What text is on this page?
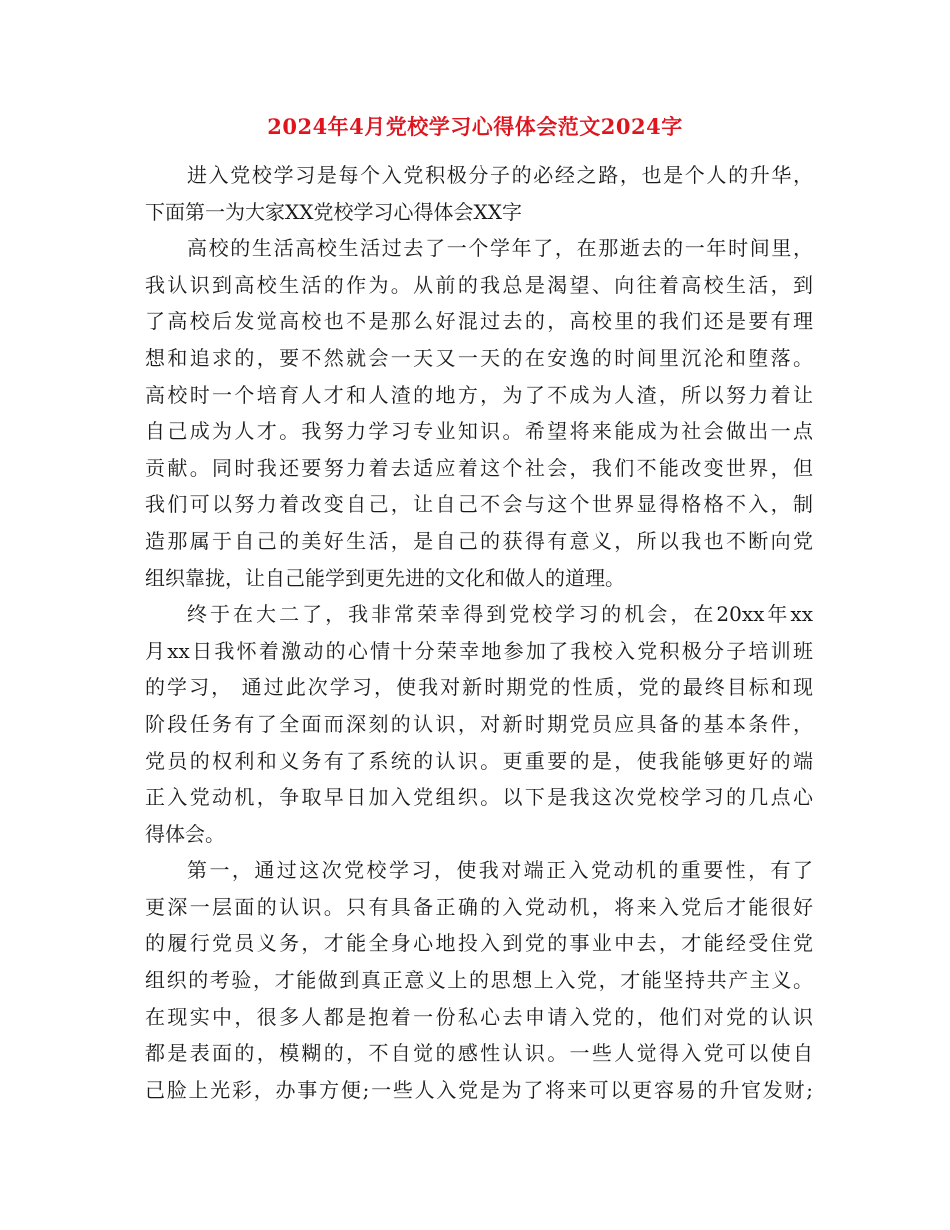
2024年4月党校学习心得体会范文2024字
进入党校学习是每个入党积极分子的必经之路，也是个人的升华，
下面第一为大家XX党校学习心得体会XX字
高校的生活高校生活过去了一个学年了，在那逝去的一年时间里，
我认识到高校生活的作为。从前的我总是渴望、向往着高校生活，到
了高校后发觉高校也不是那么好混过去的，高校里的我们还是要有理
想和追求的，要不然就会一天又一天的在安逸的时间里沉沦和堕落。
高校时一个培育人才和人渣的地方，为了不成为人渣，所以努力着让
自己成为人才。我努力学习专业知识。希望将来能成为社会做出一点
贡献。同时我还要努力着去适应着这个社会，我们不能改变世界，但
我们可以努力着改变自己，让自己不会与这个世界显得格格不入，制
造那属于自己的美好生活，是自己的获得有意义，所以我也不断向党
组织靠拢，让自己能学到更先进的文化和做人的道理。
终于在大二了，我非常荣幸得到党校学习的机会，在20xx年xx
月xx日我怀着激动的心情十分荣幸地参加了我校入党积极分子培训班
的学习， 通过此次学习，使我对新时期党的性质，党的最终目标和现
阶段任务有了全面而深刻的认识，对新时期党员应具备的基本条件，
党员的权利和义务有了系统的认识。更重要的是，使我能够更好的端
正入党动机，争取早日加入党组织。以下是我这次党校学习的几点心
得体会。
第一，通过这次党校学习，使我对端正入党动机的重要性，有了
更深一层面的认识。只有具备正确的入党动机，将来入党后才能很好
的履行党员义务，才能全身心地投入到党的事业中去，才能经受住党
组织的考验，才能做到真正意义上的思想上入党，才能坚持共产主义。
在现实中，很多人都是抱着一份私心去申请入党的，他们对党的认识
都是表面的，模糊的，不自觉的感性认识。一些人觉得入党可以使自
己脸上光彩，办事方便;一些人入党是为了将来可以更容易的升官发财;
